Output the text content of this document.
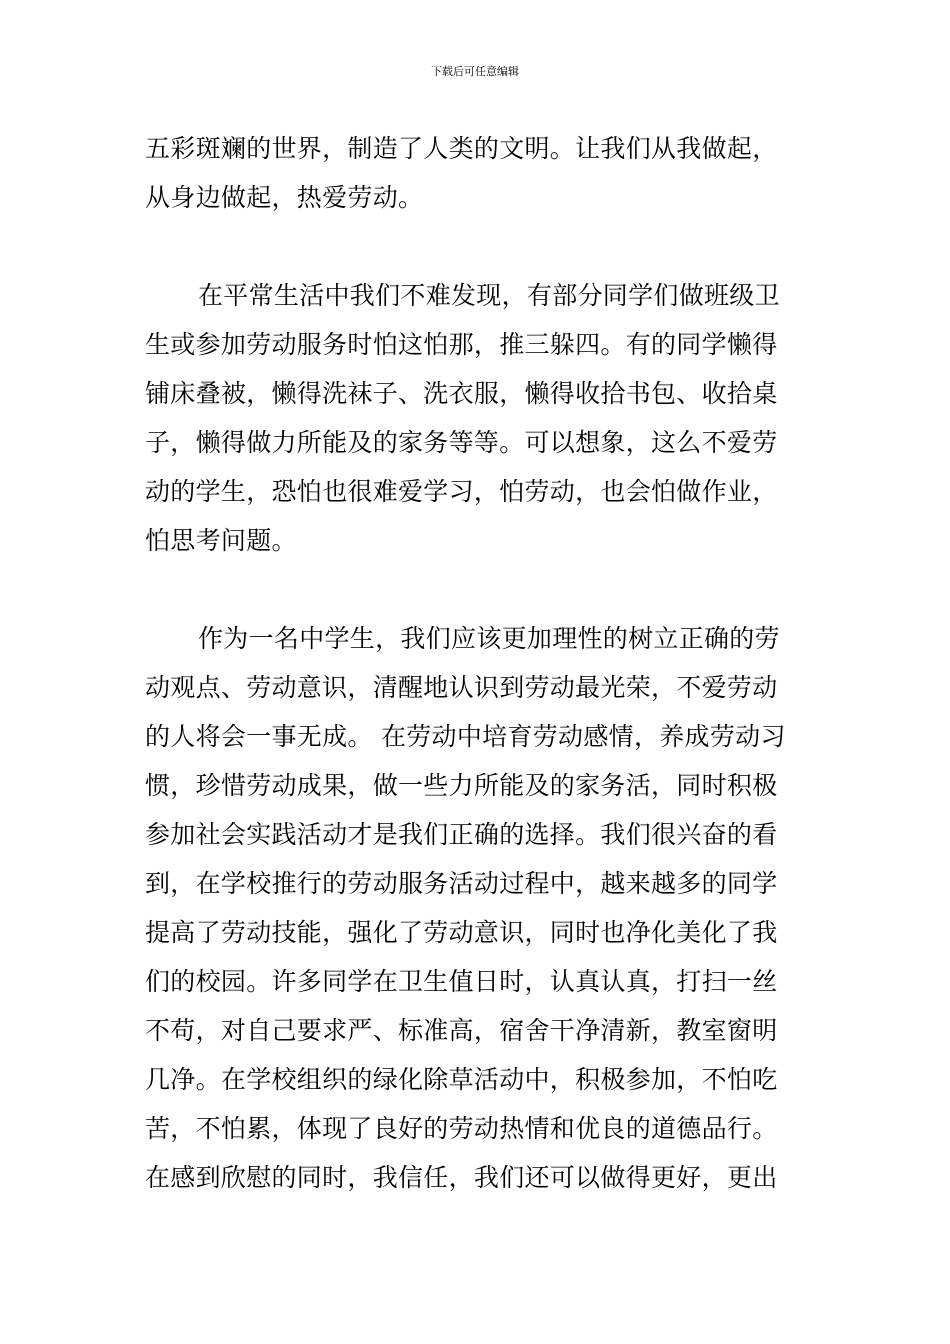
下载后可任意编辑
五彩斑斓的世界，制造了人类的文明。让我们从我做起，
从身边做起，热爱劳动。
在平常生活中我们不难发现，有部分同学们做班级卫
生或参加劳动服务时怕这怕那，推三躲四。有的同学懒得
铺床叠被，懒得洗袜子、洗衣服，懒得收拾书包、收拾桌
子，懒得做力所能及的家务等等。可以想象，这么不爱劳
动的学生，恐怕也很难爱学习，怕劳动，也会怕做作业，
怕思考问题。
作为一名中学生，我们应该更加理性的树立正确的劳
动观点、劳动意识，清醒地认识到劳动最光荣，不爱劳动
的人将会一事无成。 在劳动中培育劳动感情，养成劳动习
惯，珍惜劳动成果，做一些力所能及的家务活，同时积极
参加社会实践活动才是我们正确的选择。我们很兴奋的看
到，在学校推行的劳动服务活动过程中，越来越多的同学
提高了劳动技能，强化了劳动意识，同时也净化美化了我
们的校园。许多同学在卫生值日时，认真认真，打扫一丝
不苟，对自己要求严、标准高，宿舍干净清新，教室窗明
几净。在学校组织的绿化除草活动中，积极参加，不怕吃
苦，不怕累，体现了良好的劳动热情和优良的道德品行。
在感到欣慰的同时，我信任，我们还可以做得更好，更出
